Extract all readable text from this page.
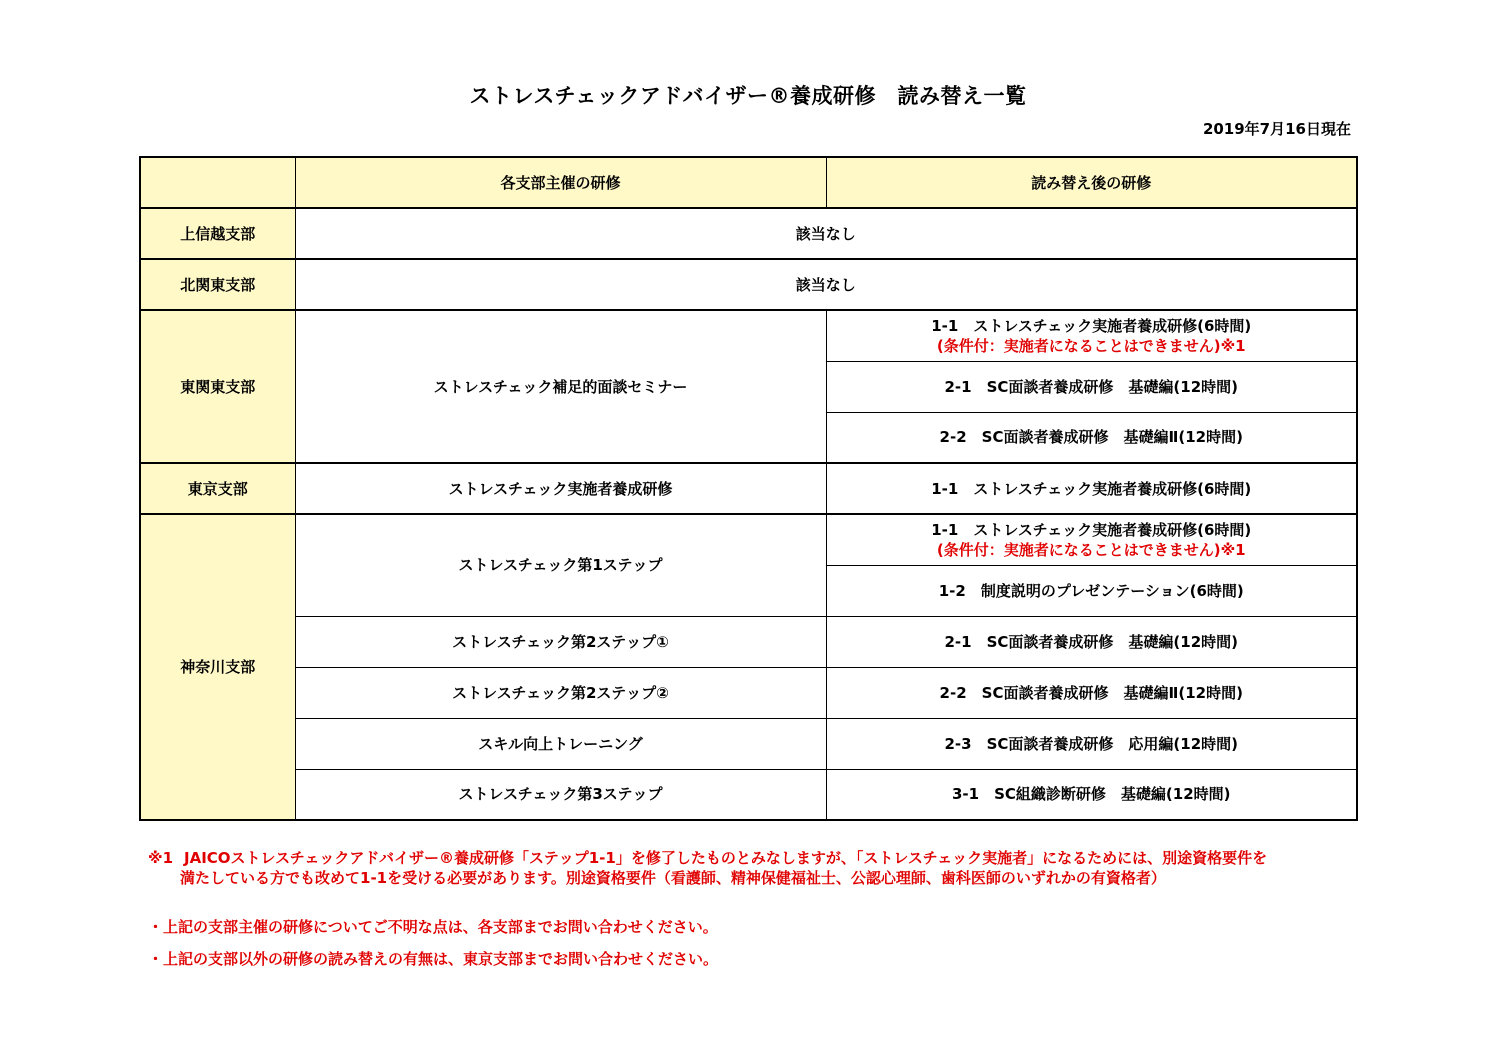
ストレスチェックアドバイザー®養成研修　読み替え一覧
2019年7月16日現在
	各支部主催の研修	読み替え後の研修
上信越支部	該当なし	
北関東支部	該当なし	
東関東支部	ストレスチェック補足的面談セミナー	1-1　ストレスチェック実施者養成研修(6時間)
(条件付：実施者になることはできません)※1

		2-1　SC面談者養成研修　基礎編(12時間)
		2-2　SC面談者養成研修　基礎編Ⅱ(12時間)
東京支部	ストレスチェック実施者養成研修	1-1　ストレスチェック実施者養成研修(6時間)
神奈川支部	ストレスチェック第1ステップ	1-1　ストレスチェック実施者養成研修(6時間)
(条件付：実施者になることはできません)※1

		1-2　制度説明のプレゼンテーション(6時間)
	ストレスチェック第2ステップ①	2-1　SC面談者養成研修　基礎編(12時間)
	ストレスチェック第2ステップ②	2-2　SC面談者養成研修　基礎編Ⅱ(12時間)
	スキル向上トレーニング	2-3　SC面談者養成研修　応用編(12時間)
	ストレスチェック第3ステップ	3-1　SC組織診断研修　基礎編(12時間)
※1 JAICOストレスチェックアドバイザー®養成研修「ステップ1-1」を修了したものとみなしますが、「ストレスチェック実施者」になるためには、別途資格要件を
満たしている方でも改めて1-1を受ける必要があります。別途資格要件（看護師、精神保健福祉士、公認心理師、歯科医師のいずれかの有資格者）
・上記の支部主催の研修についてご不明な点は、各支部までお問い合わせください。
・上記の支部以外の研修の読み替えの有無は、東京支部までお問い合わせください。
